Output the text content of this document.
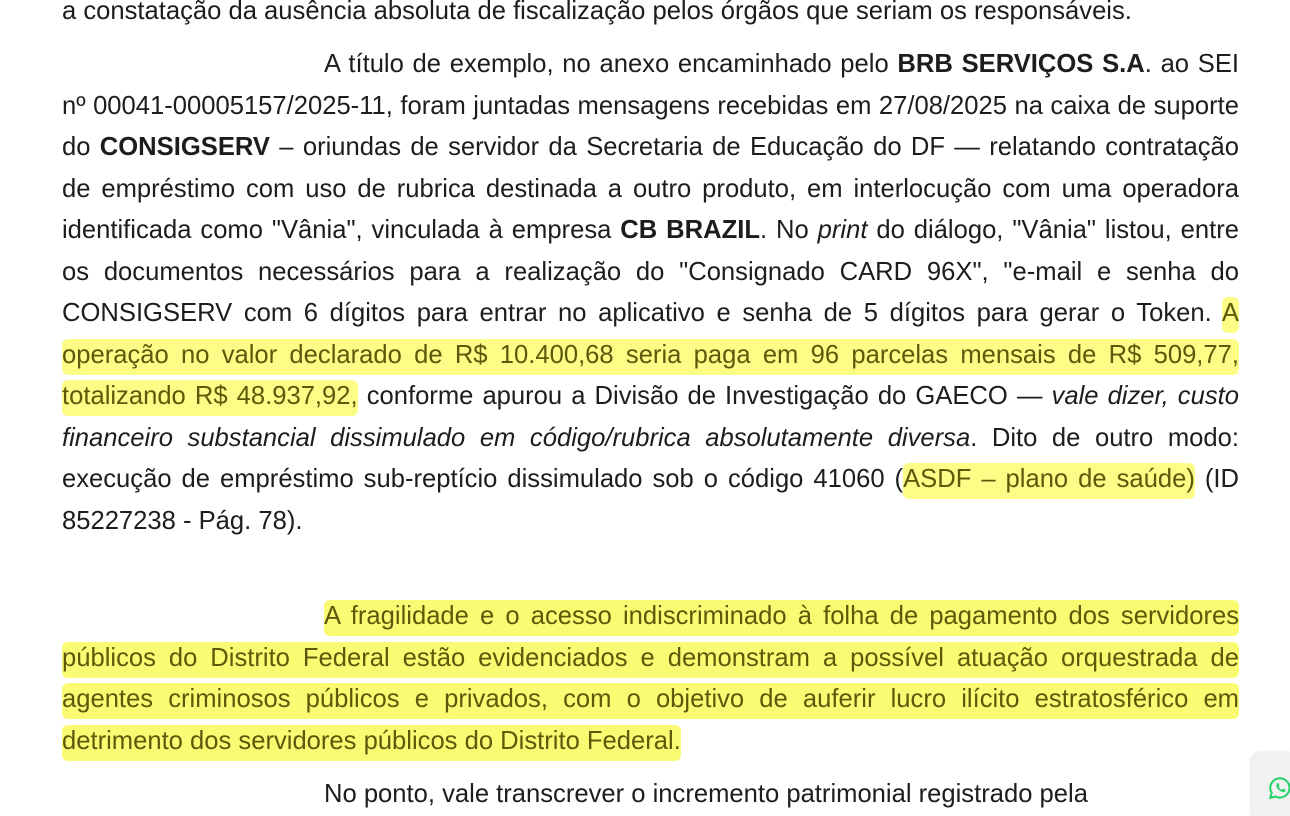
a constatação da ausência absoluta de fiscalização pelos órgãos que seriam os responsáveis.

A título de exemplo, no anexo encaminhado pelo BRB SERVIÇOS S.A. ao SEI nº 00041-00005157/2025-11, foram juntadas mensagens recebidas em 27/08/2025 na caixa de suporte do CONSIGSERV – oriundas de servidor da Secretaria de Educação do DF — relatando contratação de empréstimo com uso de rubrica destinada a outro produto, em interlocução com uma operadora identificada como "Vânia", vinculada à empresa CB BRAZIL. No print do diálogo, "Vânia" listou, entre os documentos necessários para a realização do "Consignado CARD 96X", "e-mail e senha do CONSIGSERV com 6 dígitos para entrar no aplicativo e senha de 5 dígitos para gerar o Token. A operação no valor declarado de R$ 10.400,68 seria paga em 96 parcelas mensais de R$ 509,77, totalizando R$ 48.937,92, conforme apurou a Divisão de Investigação do GAECO — vale dizer, custo financeiro substancial dissimulado em código/rubrica absolutamente diversa. Dito de outro modo: execução de empréstimo sub-reptício dissimulado sob o código 41060 (ASDF – plano de saúde) (ID 85227238 - Pág. 78).

A fragilidade e o acesso indiscriminado à folha de pagamento dos servidores públicos do Distrito Federal estão evidenciados e demonstram a possível atuação orquestrada de agentes criminosos públicos e privados, com o objetivo de auferir lucro ilícito estratosférico em detrimento dos servidores públicos do Distrito Federal.

No ponto, vale transcrever o incremento patrimonial registrado pela
